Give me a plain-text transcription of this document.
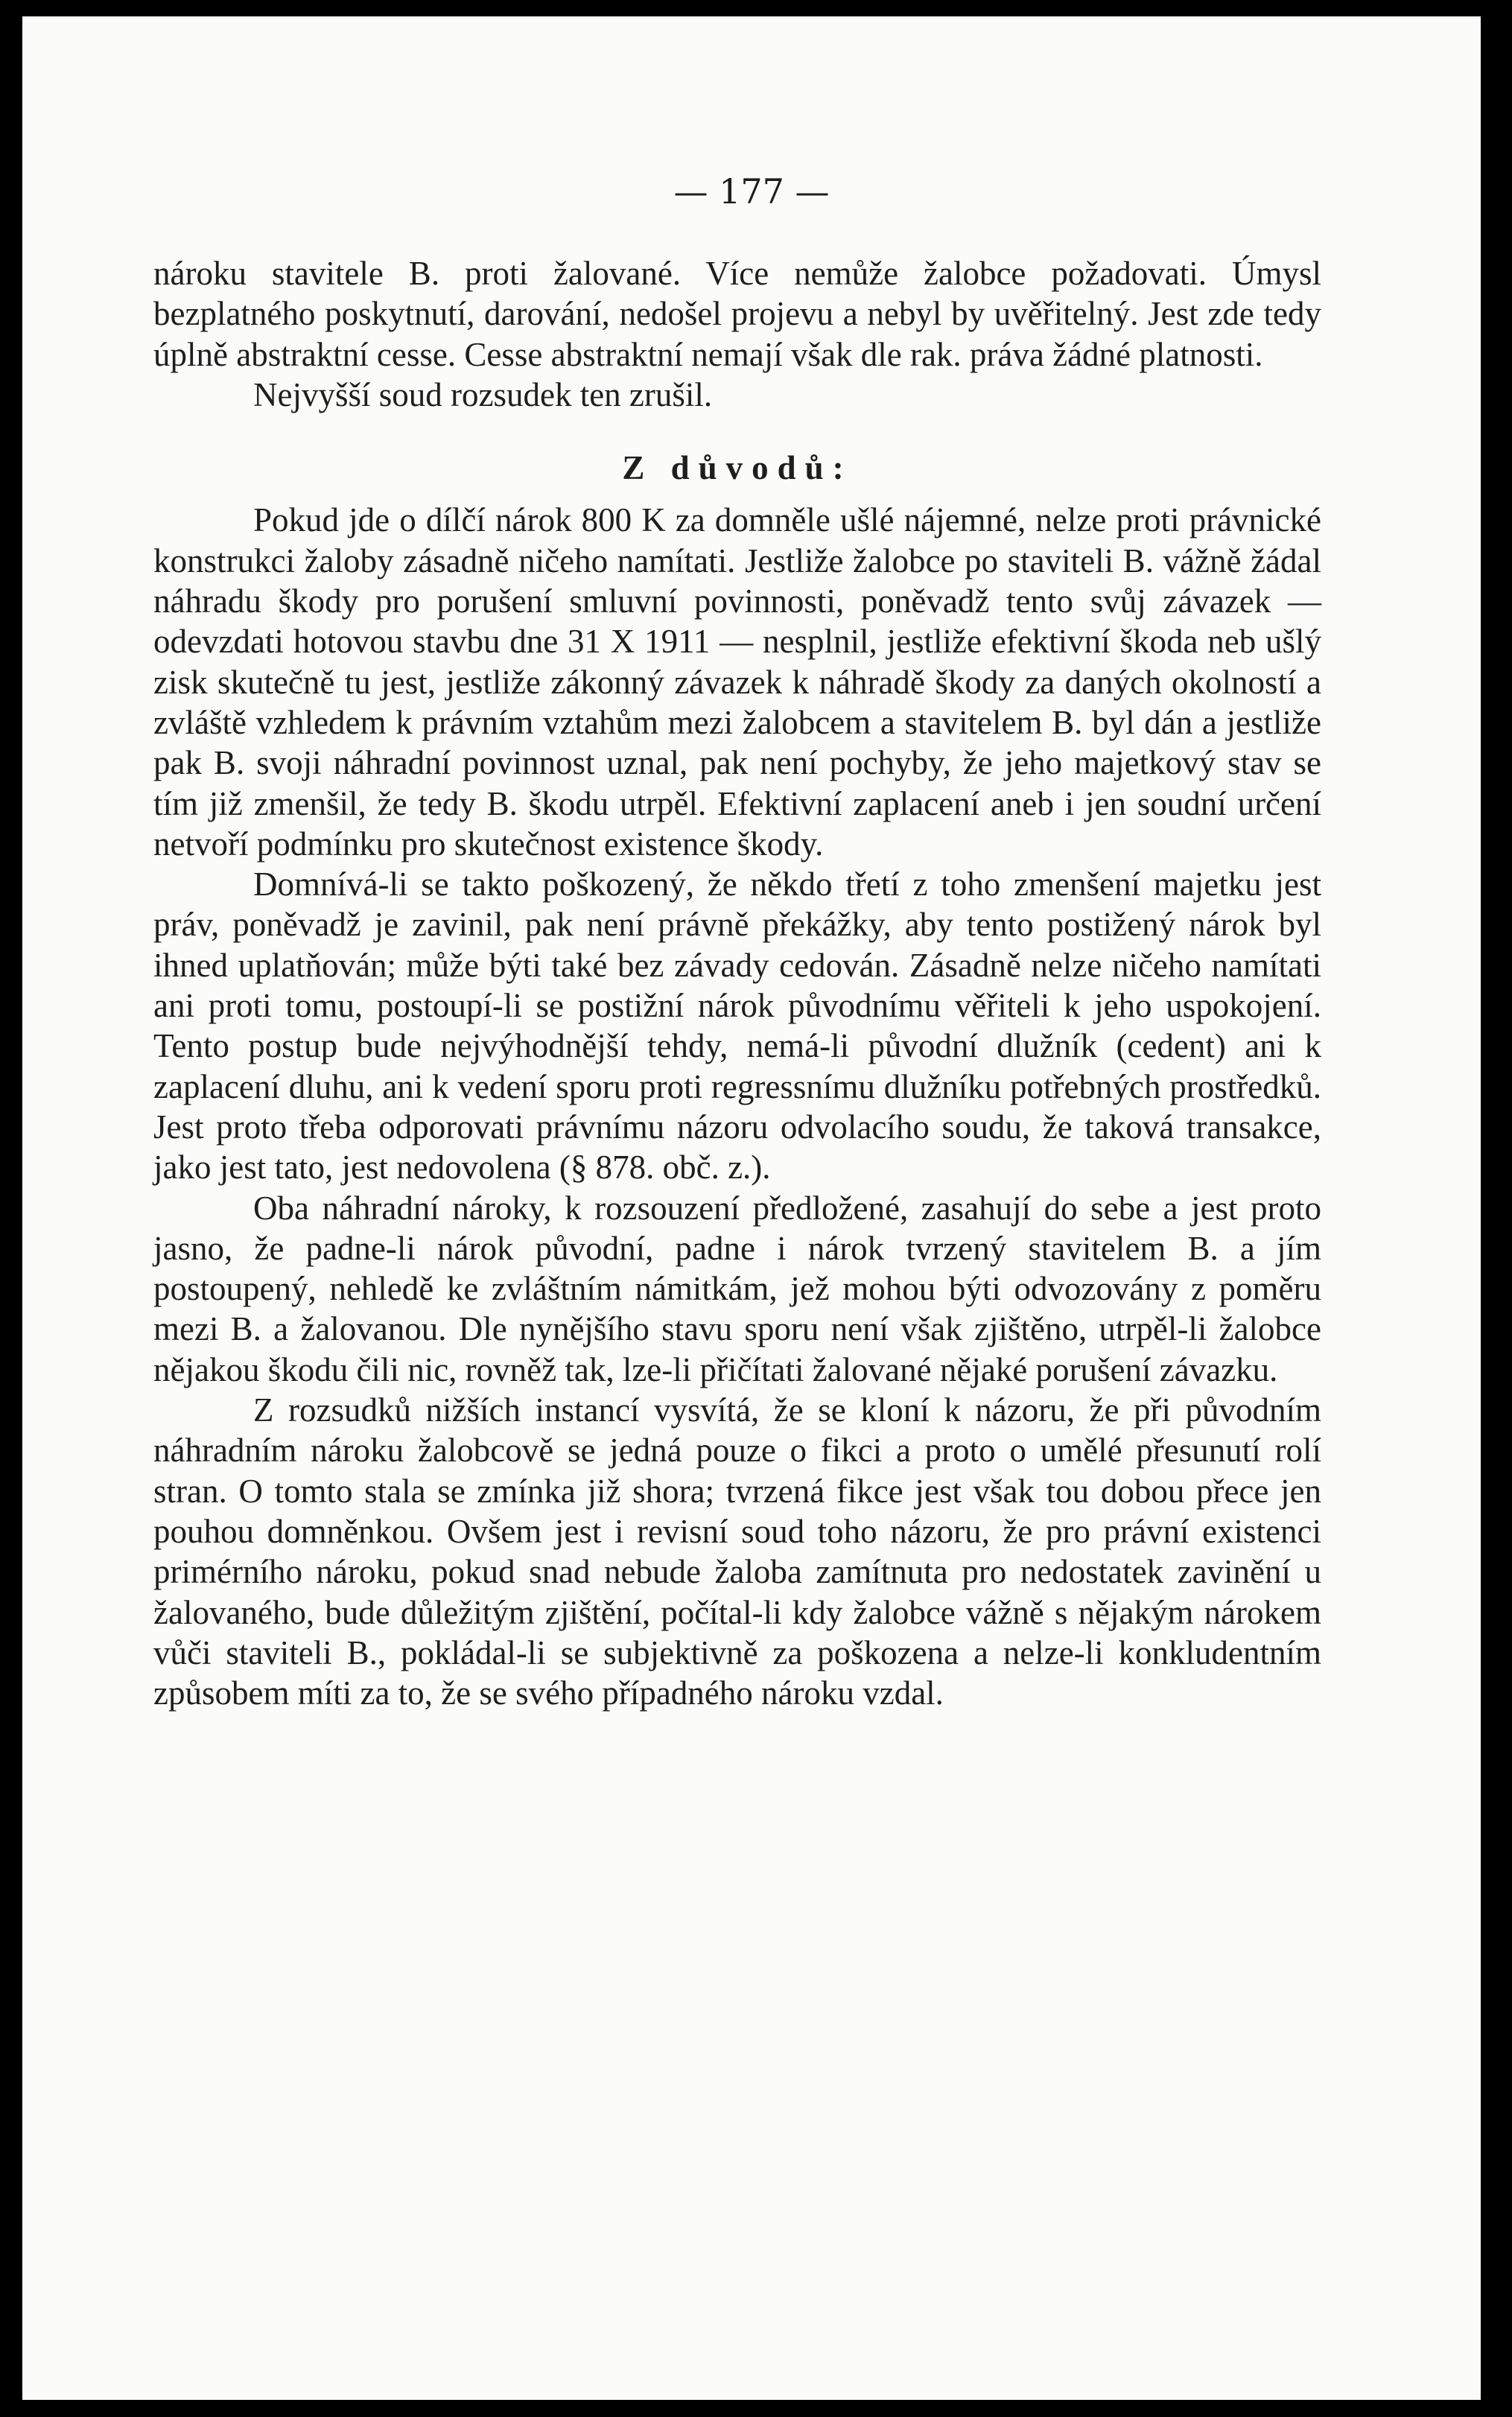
— 177 —

nároku stavitele B. proti žalované. Více nemůže žalobce požadovati. Úmysl bezplatného poskytnutí, darování, nedošel projevu a nebyl by uvěřitelný. Jest zde tedy úplně abstraktní cesse. Cesse abstraktní nemají však dle rak. práva žádné platnosti.

Nejvyšší soud rozsudek ten zrušil.

Z důvodů:

Pokud jde o dílčí nárok 800 K za domněle ušlé nájemné, nelze proti právnické konstrukci žaloby zásadně ničeho namítati. Jestliže žalobce po staviteli B. vážně žádal náhradu škody pro porušení smluvní povinnosti, poněvadž tento svůj závazek — odevzdati hotovou stavbu dne 31 X 1911 — nesplnil, jestliže efektivní škoda neb ušlý zisk skutečně tu jest, jestliže zákonný závazek k náhradě škody za daných okolností a zvláště vzhledem k právním vztahům mezi žalobcem a stavitelem B. byl dán a jestliže pak B. svoji náhradní povinnost uznal, pak není pochyby, že jeho majetkový stav se tím již zmenšil, že tedy B. škodu utrpěl. Efektivní zaplacení aneb i jen soudní určení netvoří podmínku pro skutečnost existence škody.

Domnívá-li se takto poškozený, že někdo třetí z toho zmenšení majetku jest práv, poněvadž je zavinil, pak není právně překážky, aby tento postižený nárok byl ihned uplatňován; může býti také bez závady cedován. Zásadně nelze ničeho namítati ani proti tomu, postoupí-li se postižní nárok původnímu věřiteli k jeho uspokojení. Tento postup bude nejvýhodnější tehdy, nemá-li původní dlužník (cedent) ani k zaplacení dluhu, ani k vedení sporu proti regressnímu dlužníku potřebných prostředků. Jest proto třeba odporovati právnímu názoru odvolacího soudu, že taková transakce, jako jest tato, jest nedovolena (§ 878. obč. z.).

Oba náhradní nároky, k rozsouzení předložené, zasahují do sebe a jest proto jasno, že padne-li nárok původní, padne i nárok tvrzený stavitelem B. a jím postoupený, nehledě ke zvláštním námitkám, jež mohou býti odvozovány z poměru mezi B. a žalovanou. Dle nynějšího stavu sporu není však zjištěno, utrpěl-li žalobce nějakou škodu čili nic, rovněž tak, lze-li přičítati žalované nějaké porušení závazku.

Z rozsudků nižších instancí vysvítá, že se kloní k názoru, že při původním náhradním nároku žalobcově se jedná pouze o fikci a proto o umělé přesunutí rolí stran. O tomto stala se zmínka již shora; tvrzená fikce jest však tou dobou přece jen pouhou domněnkou. Ovšem jest i revisní soud toho názoru, že pro právní existenci primérního nároku, pokud snad nebude žaloba zamítnuta pro nedostatek zavinění u žalovaného, bude důležitým zjištění, počítal-li kdy žalobce vážně s nějakým nárokem vůči staviteli B., pokládal-li se subjektivně za poškozena a nelze-li konkludentním způsobem míti za to, že se svého případného nároku vzdal.
